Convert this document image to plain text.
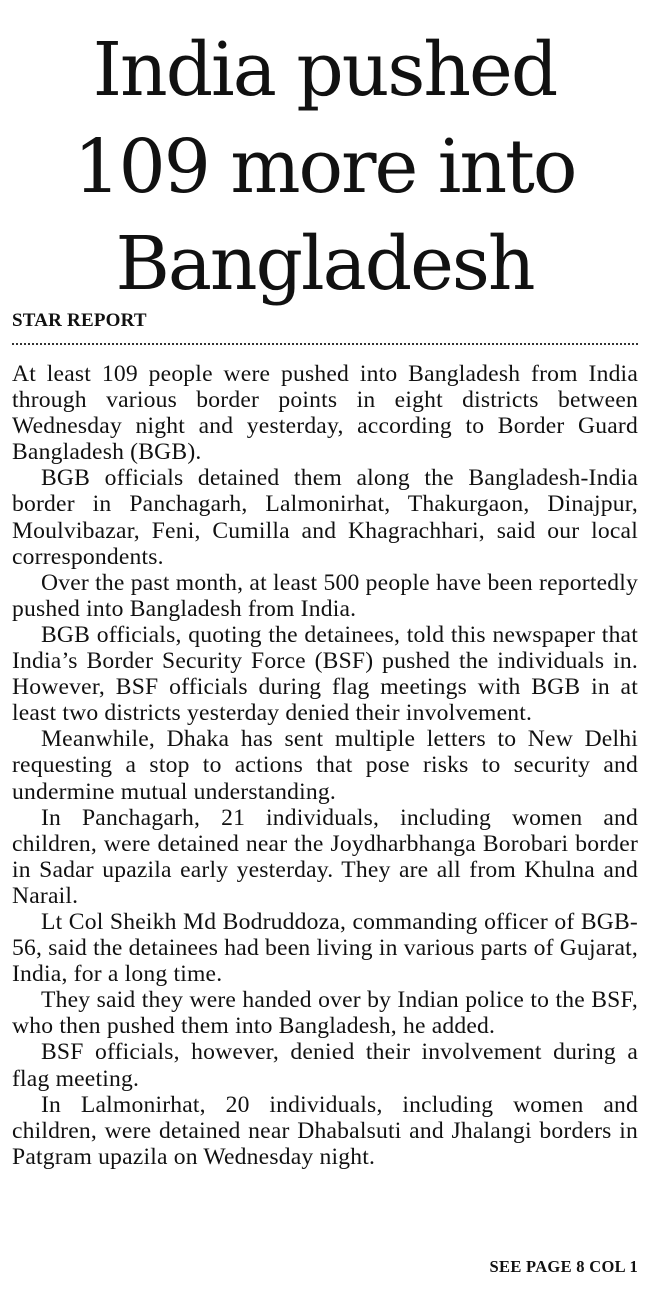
India pushed
109 more into
Bangladesh
STAR REPORT

At least 109 people were pushed into Bangladesh from India through various border points in eight districts between Wednesday night and yesterday, according to Border Guard Bangladesh (BGB).

BGB officials detained them along the Bangladesh-India border in Panchagarh, Lalmonirhat, Thakurgaon, Dinajpur, Moulvibazar, Feni, Cumilla and Khagrachhari, said our local correspondents.

Over the past month, at least 500 people have been reportedly pushed into Bangladesh from India.

BGB officials, quoting the detainees, told this newspaper that India’s Border Security Force (BSF) pushed the individuals in. However, BSF officials during flag meetings with BGB in at least two districts yesterday denied their involvement.

Meanwhile, Dhaka has sent multiple letters to New Delhi requesting a stop to actions that pose risks to security and undermine mutual understanding.

In Panchagarh, 21 individuals, including women and children, were detained near the Joydharbhanga Borobari border in Sadar upazila early yesterday. They are all from Khulna and Narail.

Lt Col Sheikh Md Bodruddoza, commanding officer of BGB-56, said the detainees had been living in various parts of Gujarat, India, for a long time.

They said they were handed over by Indian police to the BSF, who then pushed them into Bangladesh, he added.

BSF officials, however, denied their involvement during a flag meeting.

In Lalmonirhat, 20 individuals, including women and children, were detained near Dhabalsuti and Jhalangi borders in Patgram upazila on Wednesday night.

SEE PAGE 8 COL 1
